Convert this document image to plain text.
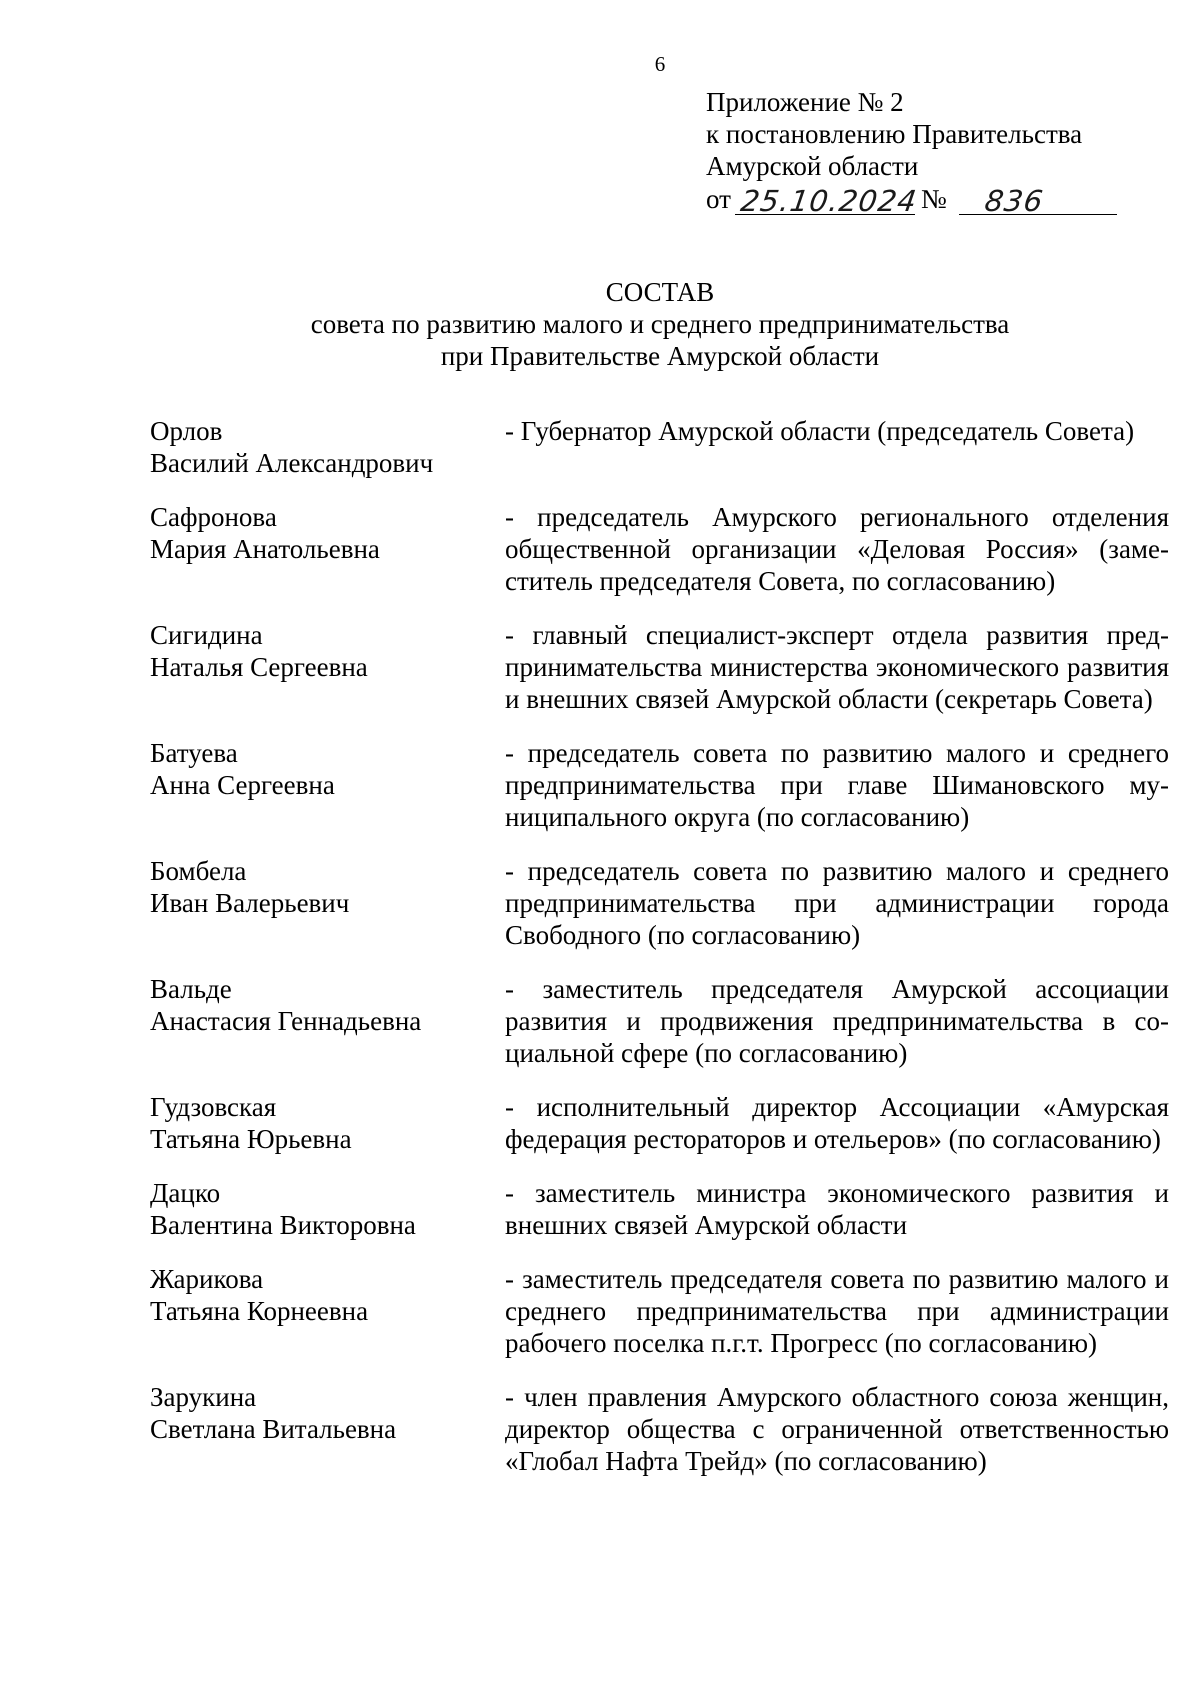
6
Приложение № 2
к постановлению Правительства
Амурской области
от 25.10.2024 № 836
СОСТАВ
совета по развитию малого и среднего предпринимательства
при Правительстве Амурской области
Орлов
Василий Александрович
- Губернатор Амурской области (председатель Совета)
Сафронова
Мария Анатольевна
- председатель Амурского регионального отделения общественной организации «Деловая Россия» (заместитель председателя Совета, по согласованию)
Сигидина
Наталья Сергеевна
- главный специалист-эксперт отдела развития предпринимательства министерства экономического развития и внешних связей Амурской области (секретарь Совета)
Батуева
Анна Сергеевна
- председатель совета по развитию малого и среднего предпринимательства при главе Шимановского муниципального округа (по согласованию)
Бомбела
Иван Валерьевич
- председатель совета по развитию малого и среднего предпринимательства при администрации города Свободного (по согласованию)
Вальде
Анастасия Геннадьевна
- заместитель председателя Амурской ассоциации развития и продвижения предпринимательства в социальной сфере (по согласованию)
Гудзовская
Татьяна Юрьевна
- исполнительный директор Ассоциации «Амурская федерация рестораторов и отельеров» (по согласованию)
Дацко
Валентина Викторовна
- заместитель министра экономического развития и внешних связей Амурской области
Жарикова
Татьяна Корнеевна
- заместитель председателя совета по развитию малого и среднего предпринимательства при администрации рабочего поселка п.г.т. Прогресс (по согласованию)
Зарукина
Светлана Витальевна
- член правления Амурского областного союза женщин, директор общества с ограниченной ответственностью «Глобал Нафта Трейд» (по согласованию)
